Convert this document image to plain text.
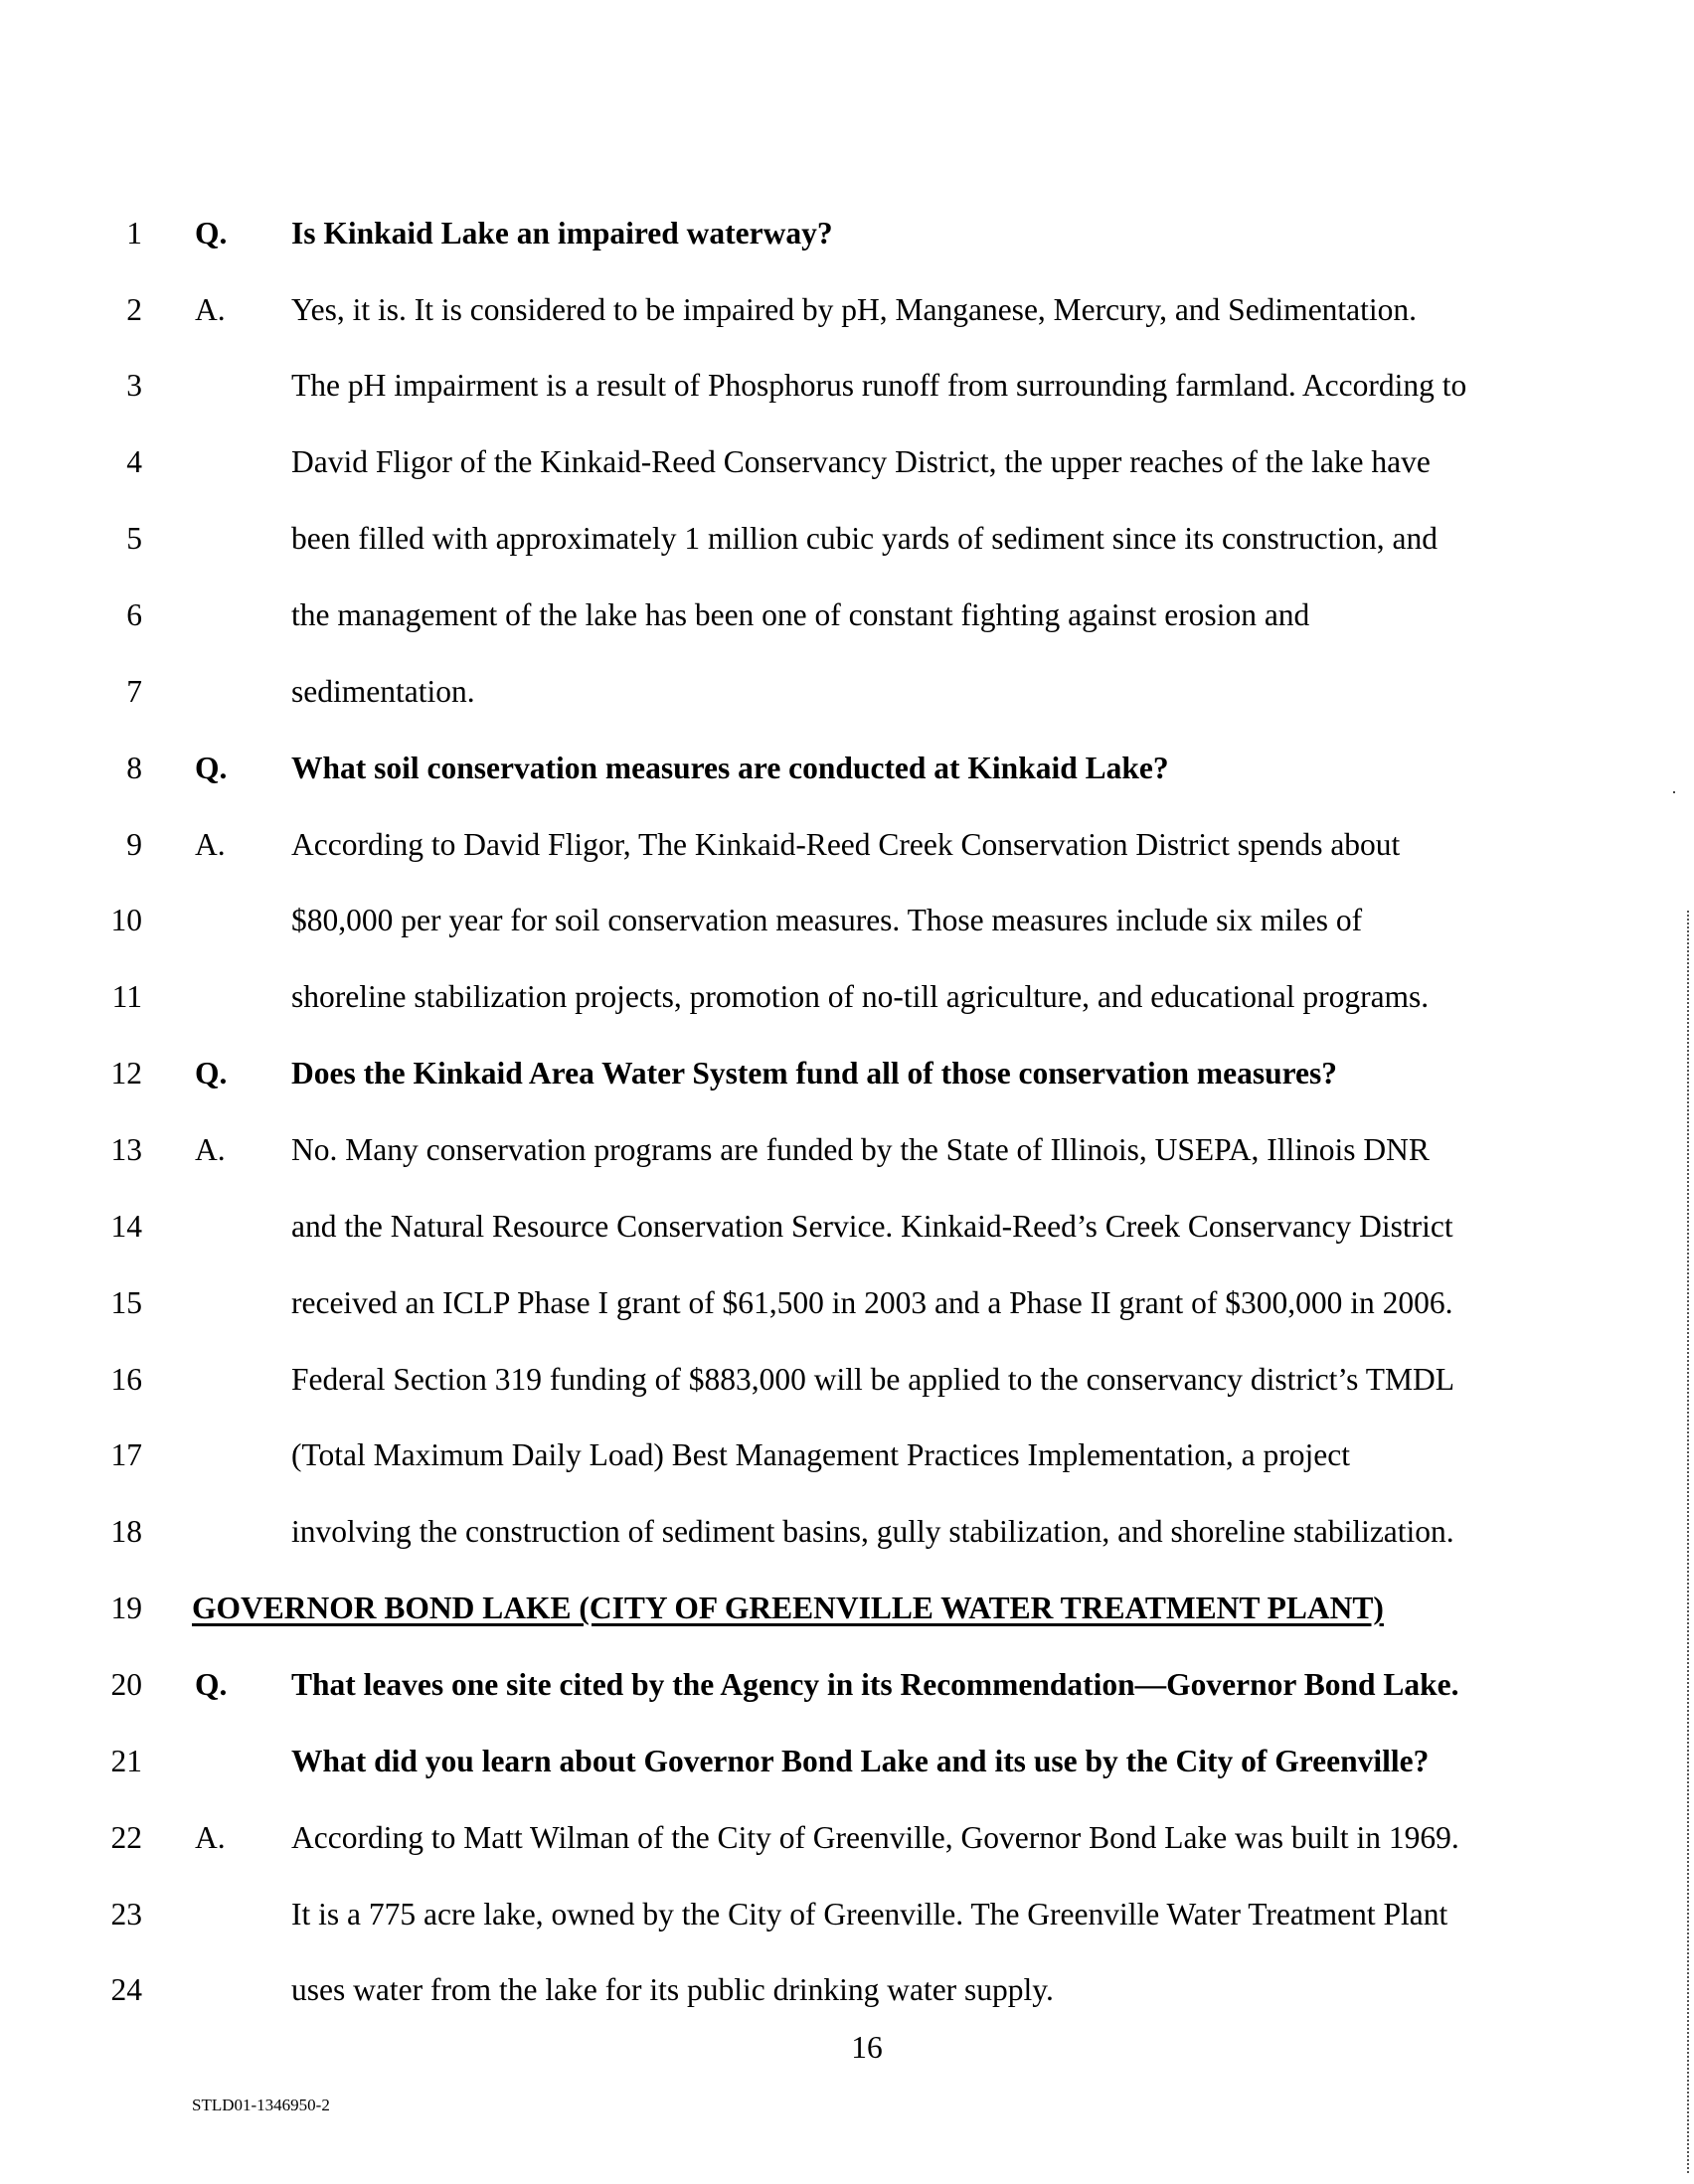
1 Q. Is Kinkaid Lake an impaired waterway?
2 A. Yes, it is. It is considered to be impaired by pH, Manganese, Mercury, and Sedimentation.
3	The pH impairment is a result of Phosphorus runoff from surrounding farmland. According to
4	David Fligor of the Kinkaid-Reed Conservancy District, the upper reaches of the lake have
5	been filled with approximately 1 million cubic yards of sediment since its construction, and
6	the management of the lake has been one of constant fighting against erosion and
7	sedimentation.
8 Q. What soil conservation measures are conducted at Kinkaid Lake?
9 A. According to David Fligor, The Kinkaid-Reed Creek Conservation District spends about
10	$80,000 per year for soil conservation measures. Those measures include six miles of
11	shoreline stabilization projects, promotion of no-till agriculture, and educational programs.
12 Q. Does the Kinkaid Area Water System fund all of those conservation measures?
13 A. No. Many conservation programs are funded by the State of Illinois, USEPA, Illinois DNR
14	and the Natural Resource Conservation Service. Kinkaid-Reed’s Creek Conservancy District
15	received an ICLP Phase I grant of $61,500 in 2003 and a Phase II grant of $300,000 in 2006.
16	Federal Section 319 funding of $883,000 will be applied to the conservancy district’s TMDL
17	(Total Maximum Daily Load) Best Management Practices Implementation, a project
18	involving the construction of sediment basins, gully stabilization, and shoreline stabilization.
19 GOVERNOR BOND LAKE (CITY OF GREENVILLE WATER TREATMENT PLANT)
20 Q. That leaves one site cited by the Agency in its Recommendation—Governor Bond Lake.
21	What did you learn about Governor Bond Lake and its use by the City of Greenville?
22 A. According to Matt Wilman of the City of Greenville, Governor Bond Lake was built in 1969.
23	It is a 775 acre lake, owned by the City of Greenville. The Greenville Water Treatment Plant
24	uses water from the lake for its public drinking water supply.
16
STLD01-1346950-2
